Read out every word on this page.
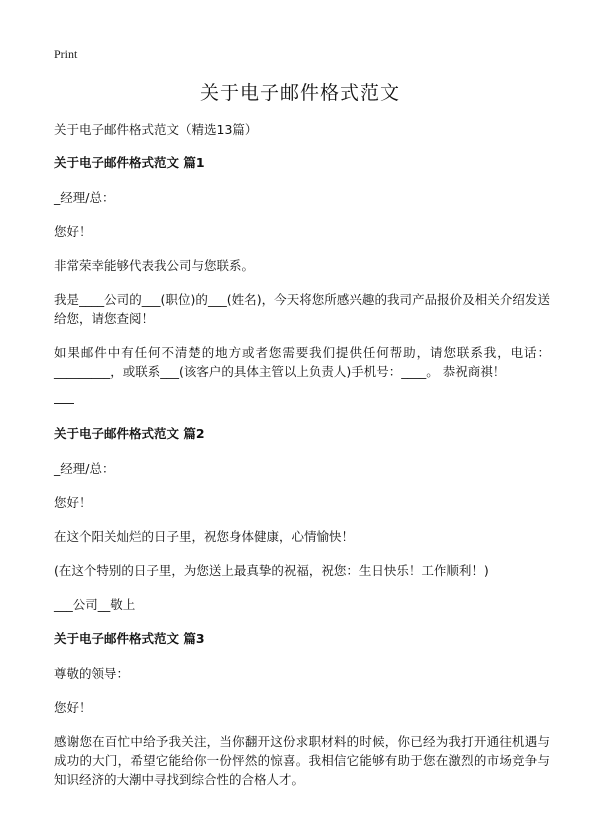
Print
关于电子邮件格式范文
关于电子邮件格式范文（精选13篇）
关于电子邮件格式范文 篇1
_经理/总：
您好！
非常荣幸能够代表我公司与您联系。
我是____公司的___(职位)的___(姓名)，今天将您所感兴趣的我司产品报价及相关介绍发送给您，请您查阅！
如果邮件中有任何不清楚的地方或者您需要我们提供任何帮助，请您联系我，电话：_________，或联系___(该客户的具体主管以上负责人)手机号：____。 恭祝商祺！
关于电子邮件格式范文 篇2
_经理/总：
您好！
在这个阳关灿烂的日子里，祝您身体健康，心情愉快！
(在这个特别的日子里，为您送上最真挚的祝福，祝您：生日快乐！工作顺利！)
___公司__敬上
关于电子邮件格式范文 篇3
尊敬的领导：
您好！
感谢您在百忙中给予我关注，当你翻开这份求职材料的时候，你已经为我打开通往机遇与成功的大门，希望它能给你一份怦然的惊喜。我相信它能够有助于您在激烈的市场竞争与知识经济的大潮中寻找到综合性的合格人才。
